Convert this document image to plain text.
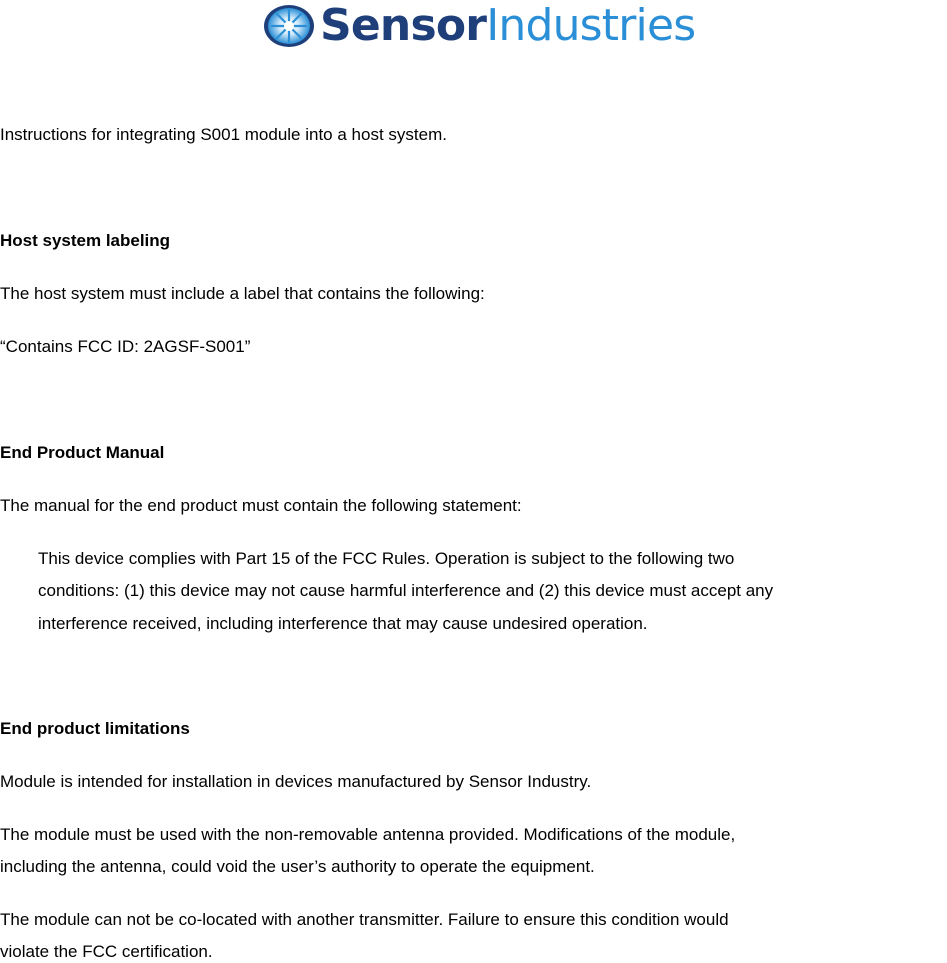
SensorIndustries
Instructions for integrating S001 module into a host system.
Host system labeling
The host system must include a label that contains the following:
“Contains FCC ID: 2AGSF-S001”
End Product Manual
The manual for the end product must contain the following statement:
This device complies with Part 15 of the FCC Rules. Operation is subject to the following two
conditions: (1) this device may not cause harmful interference and (2) this device must accept any
interference received, including interference that may cause undesired operation.
End product limitations
Module is intended for installation in devices manufactured by Sensor Industry.
The module must be used with the non-removable antenna provided. Modifications of the module,
including the antenna, could void the user’s authority to operate the equipment.
The module can not be co-located with another transmitter. Failure to ensure this condition would
violate the FCC certification.
